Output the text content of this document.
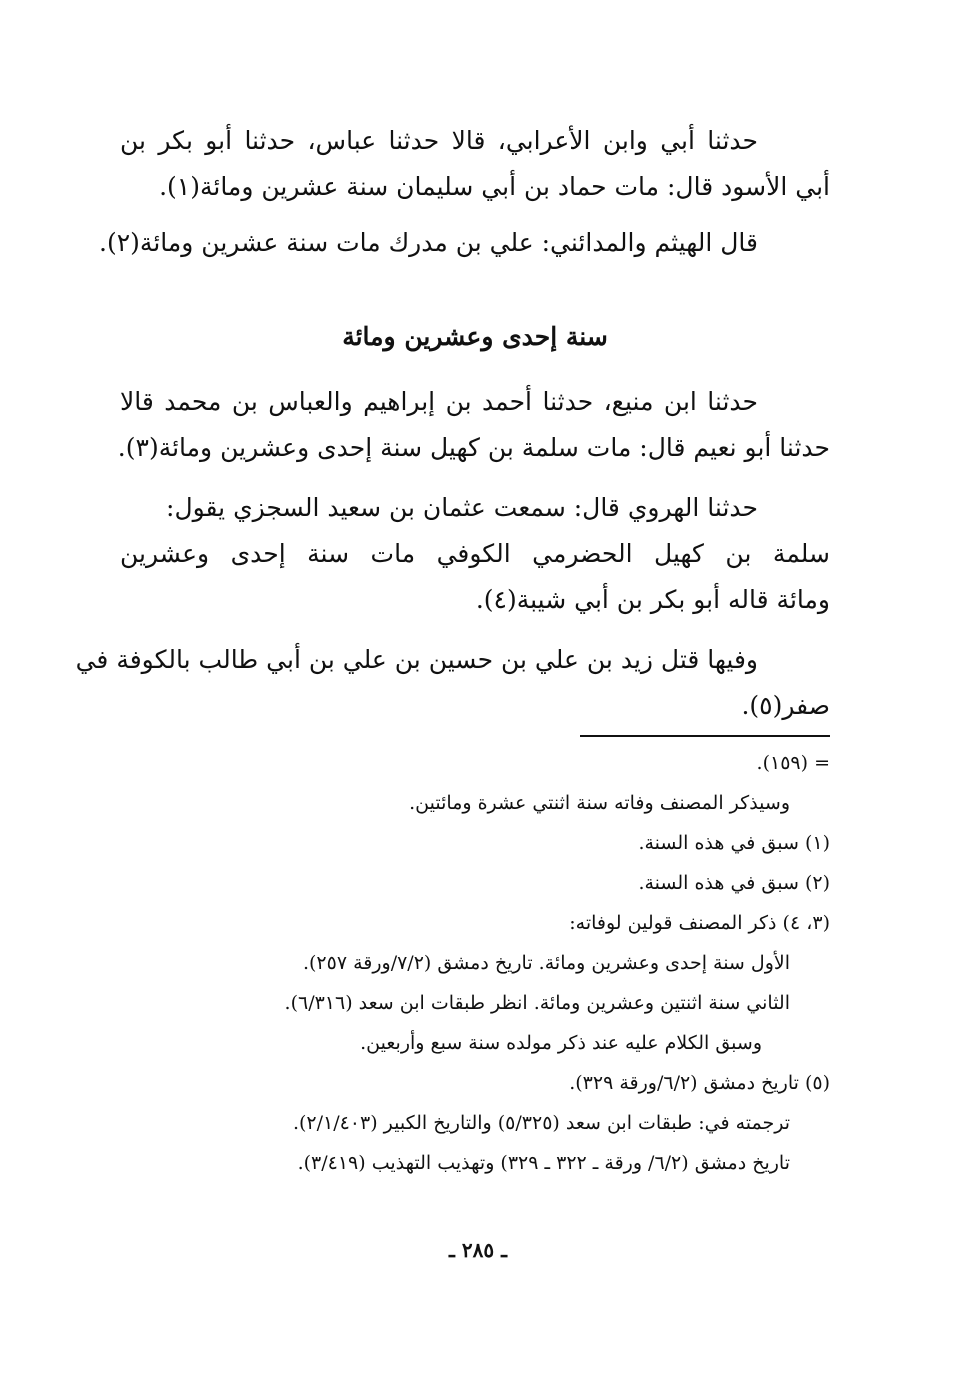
حدثنا أبي وابن الأعرابي، قالا حدثنا عباس، حدثنا أبو بكر بن
أبي الأسود قال: مات حماد بن أبي سليمان سنة عشرين ومائة(١).
قال الهيثم والمدائني: علي بن مدرك مات سنة عشرين ومائة(٢).
سنة إحدى وعشرين ومائة
حدثنا ابن منيع، حدثنا أحمد بن إبراهيم والعباس بن محمد قالا
حدثنا أبو نعيم قال: مات سلمة بن كهيل سنة إحدى وعشرين ومائة(٣).
حدثنا الهروي قال: سمعت عثمان بن سعيد السجزي يقول:
سلمة بن كهيل الحضرمي الكوفي مات سنة إحدى وعشرين
ومائة قاله أبو بكر بن أبي شيبة(٤).
وفيها قتل زيد بن علي بن حسين بن علي بن أبي طالب بالكوفة في
صفر(٥).

= (١٥٩).

وسيذكر المصنف وفاته سنة اثنتي عشرة ومائتين.

(١) سبق في هذه السنة.

(٢) سبق في هذه السنة.

(٣، ٤) ذكر المصنف قولين لوفاته:

الأول سنة إحدى وعشرين ومائة. تاريخ دمشق (٧/٢/ورقة ٢٥٧).

الثاني سنة اثنتين وعشرين ومائة. انظر طبقات ابن سعد (٦/٣١٦).

وسبق الكلام عليه عند ذكر مولده سنة سبع وأربعين.

(٥) تاريخ دمشق (٦/٢/ورقة ٣٢٩).

ترجمته في: طبقات ابن سعد (٥/٣٢٥) والتاريخ الكبير (٢/١/٤٠٣).

تاريخ دمشق (٦/٢/ ورقة ـ ٣٢٢ ـ ٣٢٩) وتهذيب التهذيب (٣/٤١٩).

ـ ٢٨٥ ـ
